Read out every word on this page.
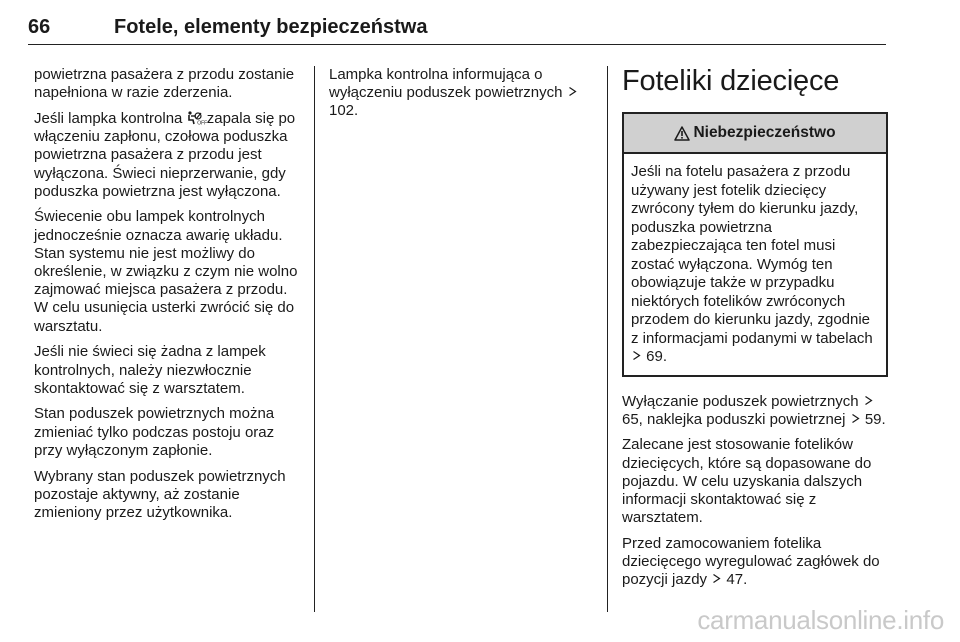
66	Fotele, elementy bezpieczeństwa

powietrzna pasażera z przodu zostanie napełniona w razie zderzenia.

Jeśli lampka kontrolna	OFF zapala się po włączeniu zapłonu, czołowa poduszka powietrzna pasażera z przodu jest wyłączona. Świeci nieprzerwanie, gdy poduszka powietrzna jest wyłączona.

Świecenie obu lampek kontrolnych jednocześnie oznacza awarię układu. Stan systemu nie jest możliwy do określenie, w związku z czym nie wolno zajmować miejsca pasażera z przodu. W celu usunięcia usterki zwrócić się do warsztatu.

Jeśli nie świeci się żadna z lampek kontrolnych, należy niezwłocznie skontaktować się z warsztatem.

Stan poduszek powietrznych można zmieniać tylko podczas postoju oraz przy wyłączonym zapłonie.

Wybrany stan poduszek powietrznych pozostaje aktywny, aż zostanie zmieniony przez użytkownika.

Lampka kontrolna informująca o wyłączeniu poduszek powietrznych  102.

Foteliki dziecięce
Niebezpieczeństwo
Jeśli na fotelu pasażera z przodu używany jest fotelik dziecięcy zwrócony tyłem do kierunku jazdy, poduszka powietrzna zabezpieczająca ten fotel musi zostać wyłączona. Wymóg ten obowiązuje także w przypadku niektórych fotelików zwróconych przodem do kierunku jazdy, zgodnie z informacjami podanymi w tabelach  69.

Wyłączanie poduszek powietrznych  65, naklejka poduszki powietrznej 59.

Zalecane jest stosowanie fotelików dziecięcych, które są dopasowane do pojazdu. W celu uzyskania dalszych informacji skontaktować się z warsztatem.

Przed zamocowaniem fotelika dziecięcego wyregulować zagłówek do pozycji jazdy 47.

carmanualsonline.info
